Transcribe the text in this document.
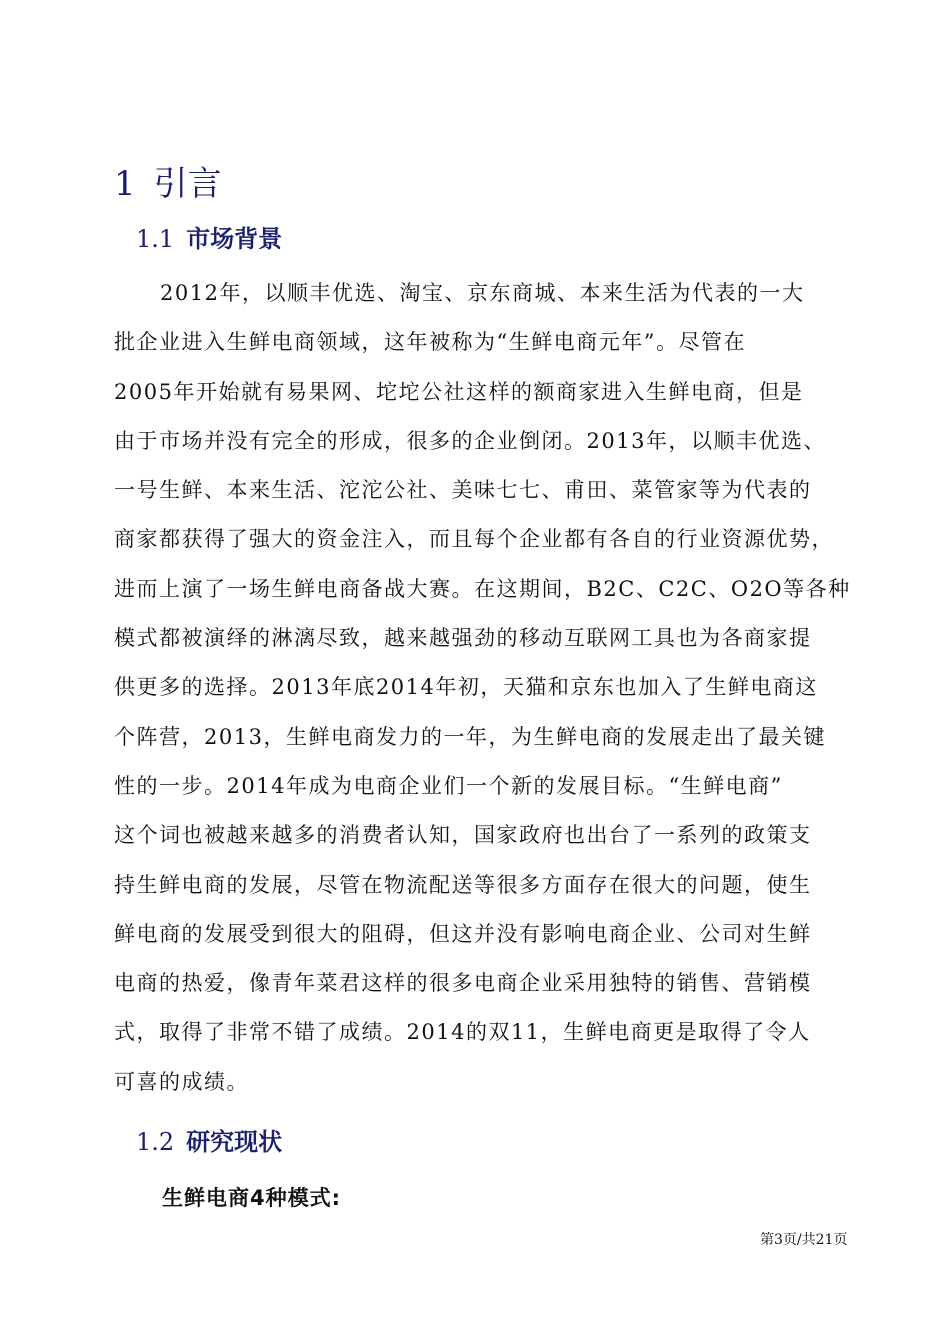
1 引言
1.1 市场背景
2012年，以顺丰优选、淘宝、京东商城、本来生活为代表的一大
批企业进入生鲜电商领域，这年被称为“生鲜电商元年”。尽管在
2005年开始就有易果网、坨坨公社这样的额商家进入生鲜电商，但是
由于市场并没有完全的形成，很多的企业倒闭。2013年，以顺丰优选、
一号生鲜、本来生活、沱沱公社、美味七七、甫田、菜管家等为代表的
商家都获得了强大的资金注入，而且每个企业都有各自的行业资源优势，
进而上演了一场生鲜电商备战大赛。在这期间，B2C、C2C、O2O等各种
模式都被演绎的淋漓尽致，越来越强劲的移动互联网工具也为各商家提
供更多的选择。2013年底2014年初，天猫和京东也加入了生鲜电商这
个阵营，2013，生鲜电商发力的一年，为生鲜电商的发展走出了最关键
性的一步。2014年成为电商企业们一个新的发展目标。“生鲜电商”
这个词也被越来越多的消费者认知，国家政府也出台了一系列的政策支
持生鲜电商的发展，尽管在物流配送等很多方面存在很大的问题，使生
鲜电商的发展受到很大的阻碍，但这并没有影响电商企业、公司对生鲜
电商的热爱，像青年菜君这样的很多电商企业采用独特的销售、营销模
式，取得了非常不错了成绩。2014的双11，生鲜电商更是取得了令人
可喜的成绩。
1.2 研究现状
生鲜电商4种模式:
第3页/共21页
